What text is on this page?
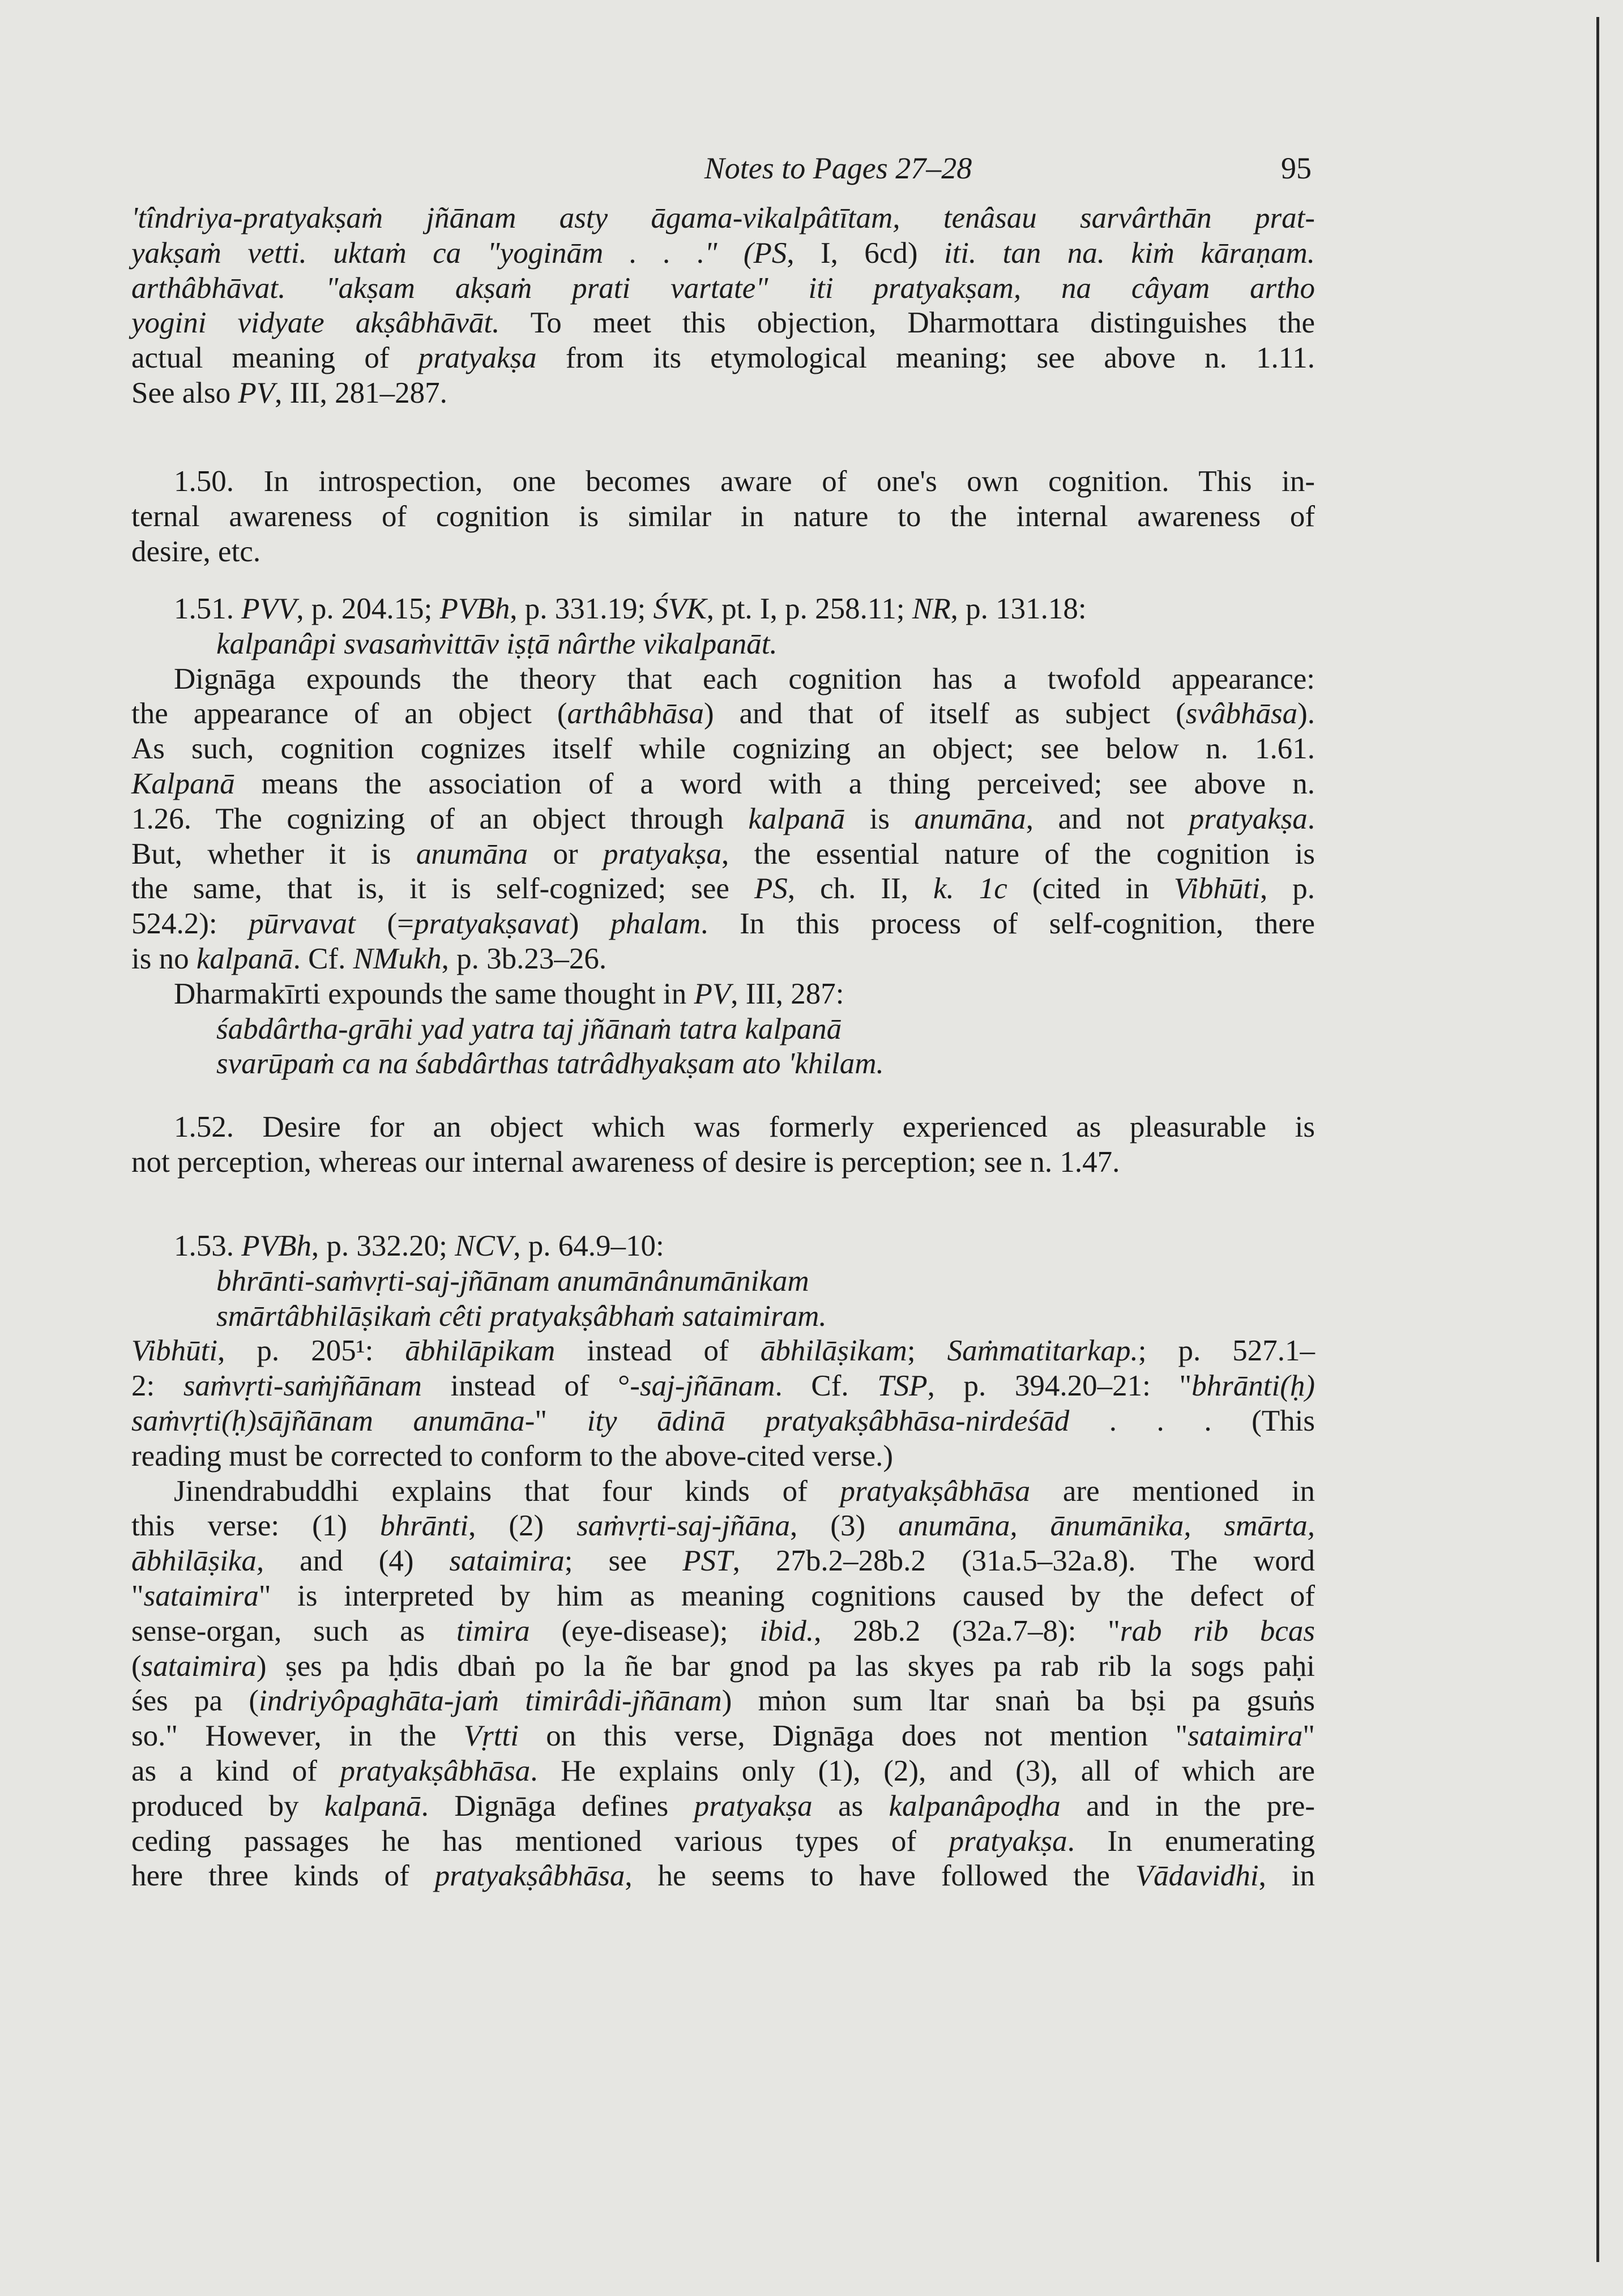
Notes to Pages 27–28	95
'tîndriya-pratyakṣaṁ jñānam asty āgama-vikalpâtītam, tenâsau sarvârthān prat-
yakṣaṁ vetti. uktaṁ ca "yoginām . . ." (PS, I, 6cd) iti. tan na. kiṁ kāraṇam.
arthâbhāvat. "akṣam akṣaṁ prati vartate" iti pratyakṣam, na câyam artho
yogini vidyate akṣâbhāvāt. To meet this objection, Dharmottara distinguishes the
actual meaning of pratyakṣa from its etymological meaning; see above n. 1.11.
See also PV, III, 281–287.
1.50. In introspection, one becomes aware of one's own cognition. This in-
ternal awareness of cognition is similar in nature to the internal awareness of
desire, etc.
1.51. PVV, p. 204.15; PVBh, p. 331.19; ŚVK, pt. I, p. 258.11; NR, p. 131.18:
kalpanâpi svasaṁvittāv iṣṭā nârthe vikalpanāt.
Dignāga expounds the theory that each cognition has a twofold appearance:
the appearance of an object (arthâbhāsa) and that of itself as subject (svâbhāsa).
As such, cognition cognizes itself while cognizing an object; see below n. 1.61.
Kalpanā means the association of a word with a thing perceived; see above n.
1.26. The cognizing of an object through kalpanā is anumāna, and not pratyakṣa.
But, whether it is anumāna or pratyakṣa, the essential nature of the cognition is
the same, that is, it is self-cognized; see PS, ch. II, k. 1c (cited in Vibhūti, p.
524.2): pūrvavat (=pratyakṣavat) phalam. In this process of self-cognition, there
is no kalpanā. Cf. NMukh, p. 3b.23–26.
Dharmakīrti expounds the same thought in PV, III, 287:
śabdârtha-grāhi yad yatra taj jñānaṁ tatra kalpanā
svarūpaṁ ca na śabdârthas tatrâdhyakṣam ato 'khilam.
1.52. Desire for an object which was formerly experienced as pleasurable is
not perception, whereas our internal awareness of desire is perception; see n. 1.47.
1.53. PVBh, p. 332.20; NCV, p. 64.9–10:
bhrānti-saṁvṛti-saj-jñānam anumānânumānikam
smārtâbhilāṣikaṁ cêti pratyakṣâbhaṁ sataimiram.
Vibhūti, p. 205¹: ābhilāpikam instead of ābhilāṣikam; Saṁmatitarkap.; p. 527.1–
2: saṁvṛti-saṁjñānam instead of °-saj-jñānam. Cf. TSP, p. 394.20–21: "bhrānti(ḥ)
saṁvṛti(ḥ)sājñānam anumāna-" ity ādinā pratyakṣâbhāsa-nirdeśād . . . (This
reading must be corrected to conform to the above-cited verse.)
Jinendrabuddhi explains that four kinds of pratyakṣâbhāsa are mentioned in
this verse: (1) bhrānti, (2) saṁvṛti-saj-jñāna, (3) anumāna, ānumānika, smārta,
ābhilāṣika, and (4) sataimira; see PST, 27b.2–28b.2 (31a.5–32a.8). The word
"sataimira" is interpreted by him as meaning cognitions caused by the defect of
sense-organ, such as timira (eye-disease); ibid., 28b.2 (32a.7–8): "rab rib bcas
(sataimira) ṣes pa ḥdis dbaṅ po la ñe bar gnod pa las skyes pa rab rib la sogs paḥi
śes pa (indriyôpaghāta-jaṁ timirâdi-jñānam) mṅon sum ltar snaṅ ba bṣi pa gsuṅs
so." However, in the Vṛtti on this verse, Dignāga does not mention "sataimira"
as a kind of pratyakṣâbhāsa. He explains only (1), (2), and (3), all of which are
produced by kalpanā. Dignāga defines pratyakṣa as kalpanâpoḍha and in the pre-
ceding passages he has mentioned various types of pratyakṣa. In enumerating
here three kinds of pratyakṣâbhāsa, he seems to have followed the Vādavidhi, in
